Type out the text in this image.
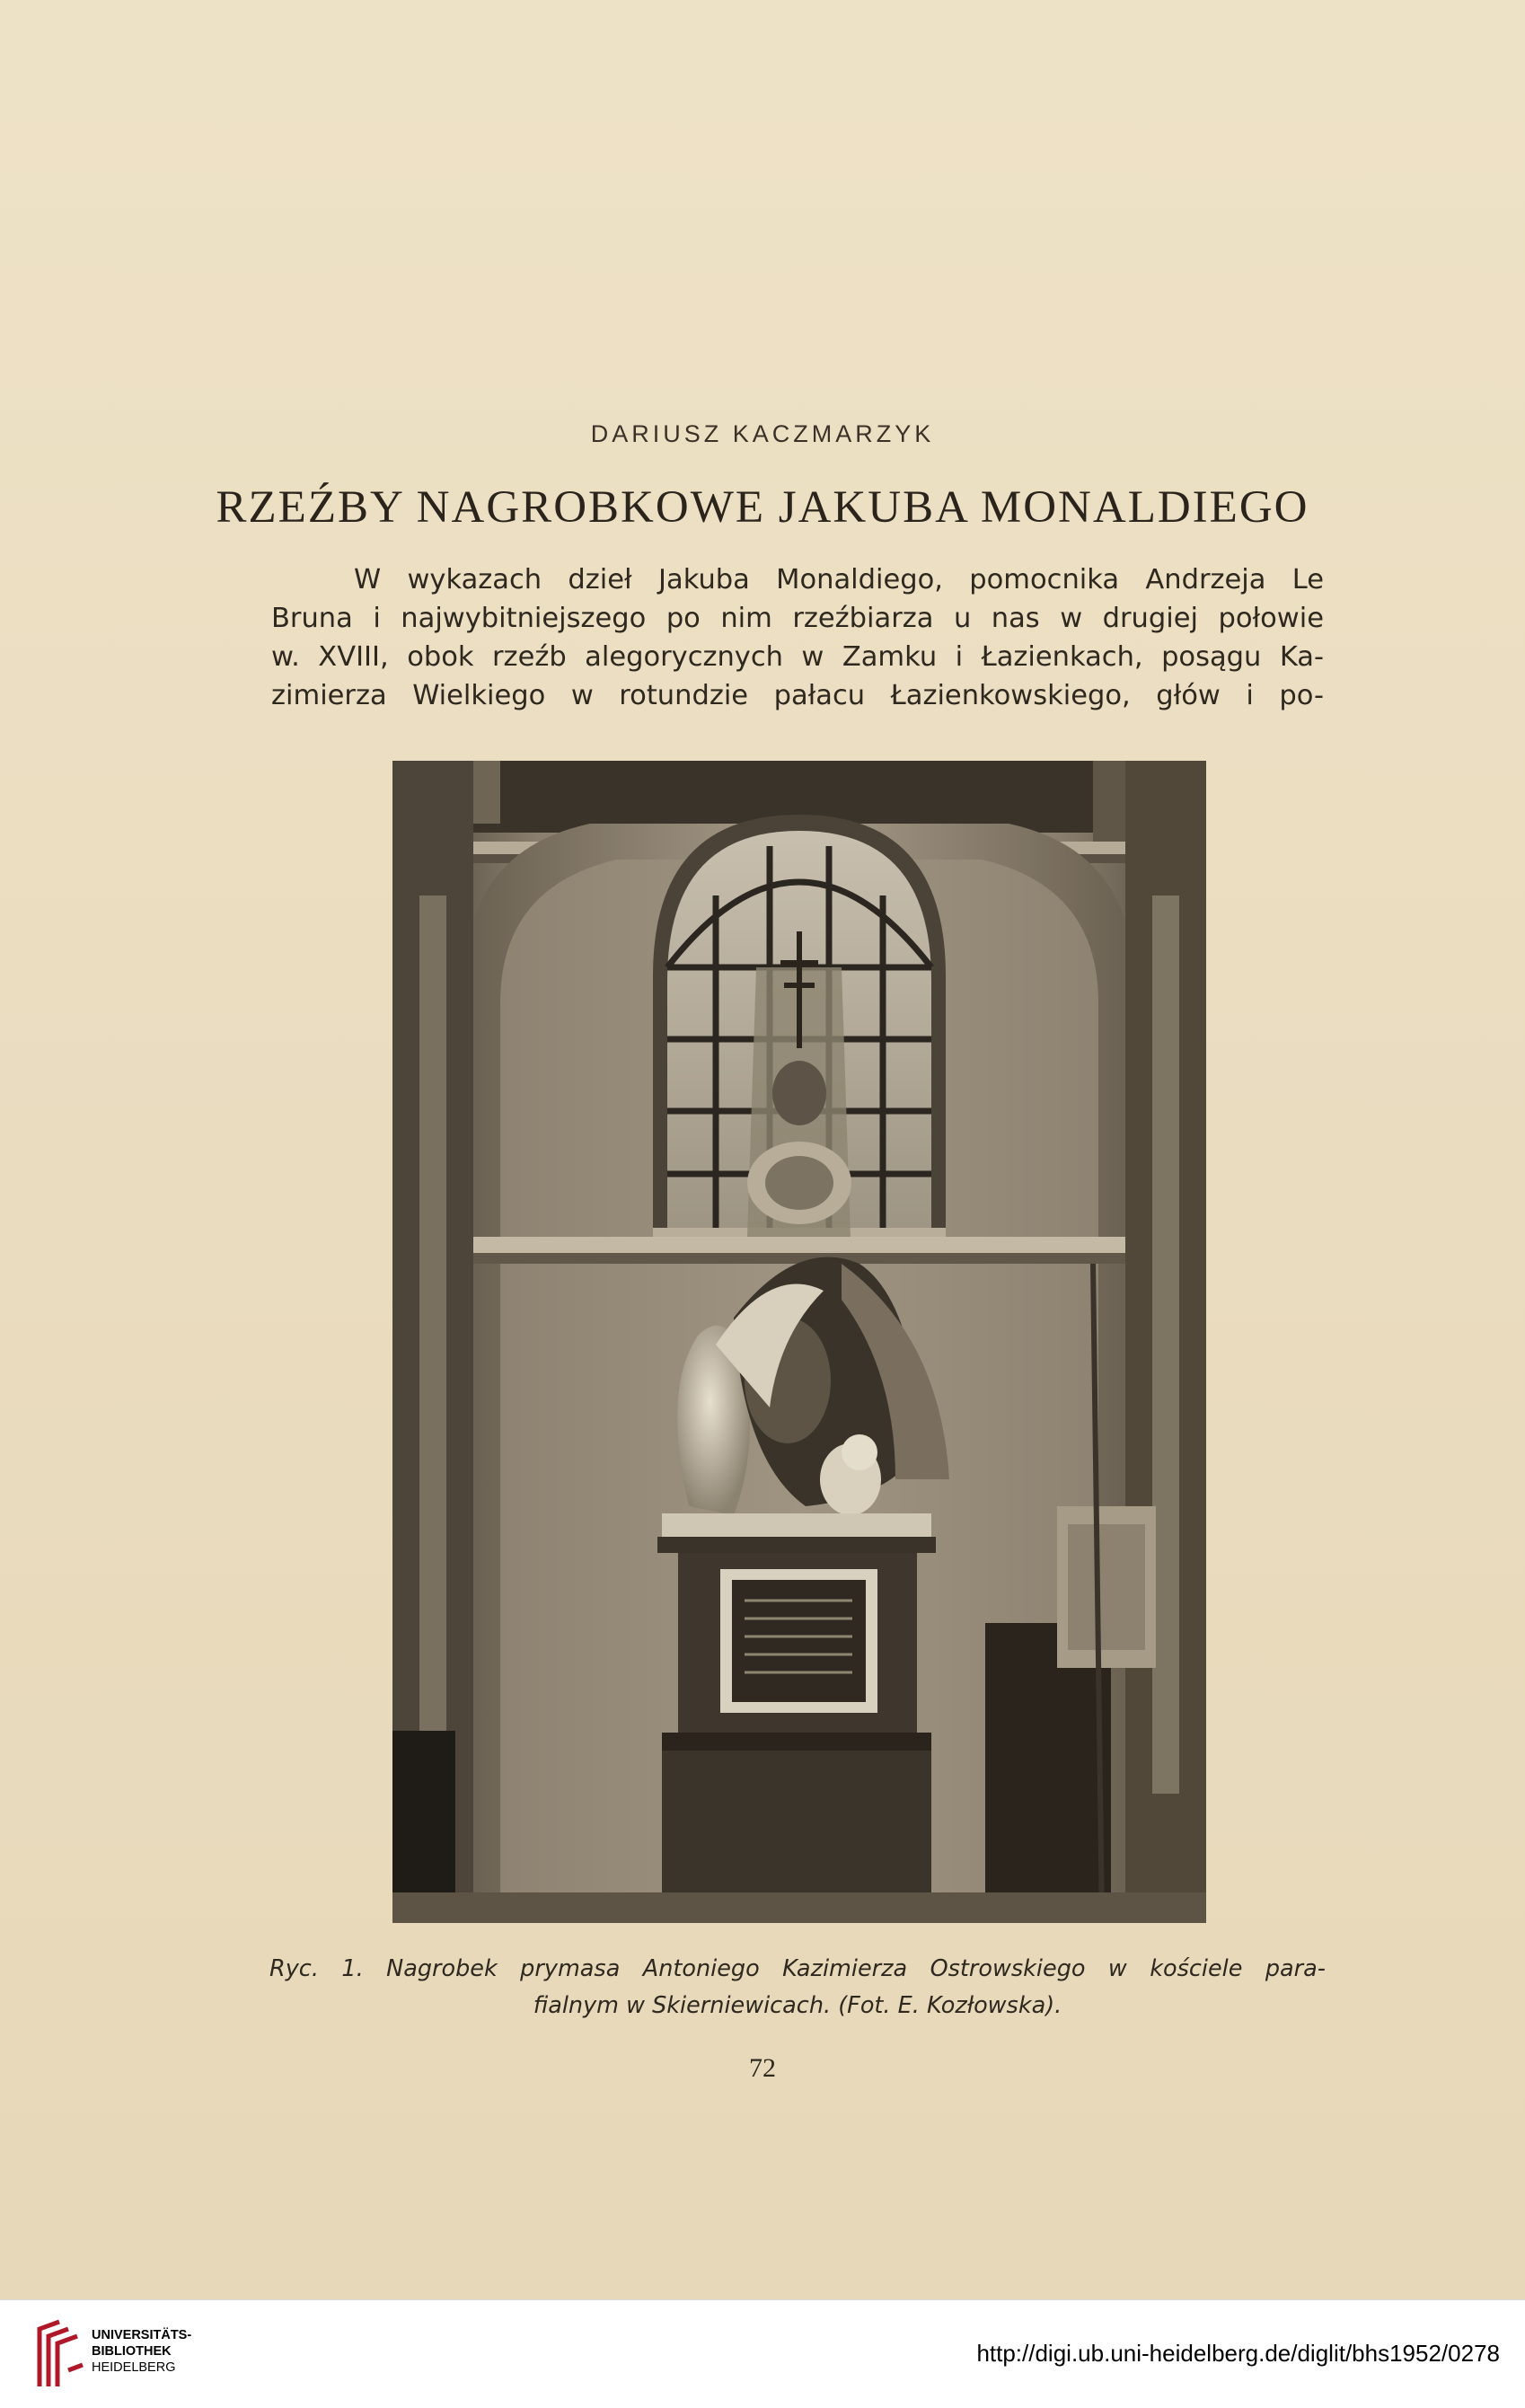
DARIUSZ KACZMARZYK
RZEŹBY NAGROBKOWE JAKUBA MONALDIEGO

W wykazach dzieł Jakuba Monaldiego, pomocnika Andrzeja Le
Bruna i najwybitniejszego po nim rzeźbiarza u nas w drugiej połowie
w. XVIII, obok rzeźb alegorycznych w Zamku i Łazienkach, posągu Ka-
zimierza Wielkiego w rotundzie pałacu Łazienkowskiego, głów i po-

Ryc. 1. Nagrobek prymasa Antoniego Kazimierza Ostrowskiego w kościele para-
fialnym w Skierniewicach. (Fot. E. Kozłowska).

72
UNIVERSITÄTS-
BIBLIOTHEK
HEIDELBERG
http://digi.ub.uni-heidelberg.de/diglit/bhs1952/0278
